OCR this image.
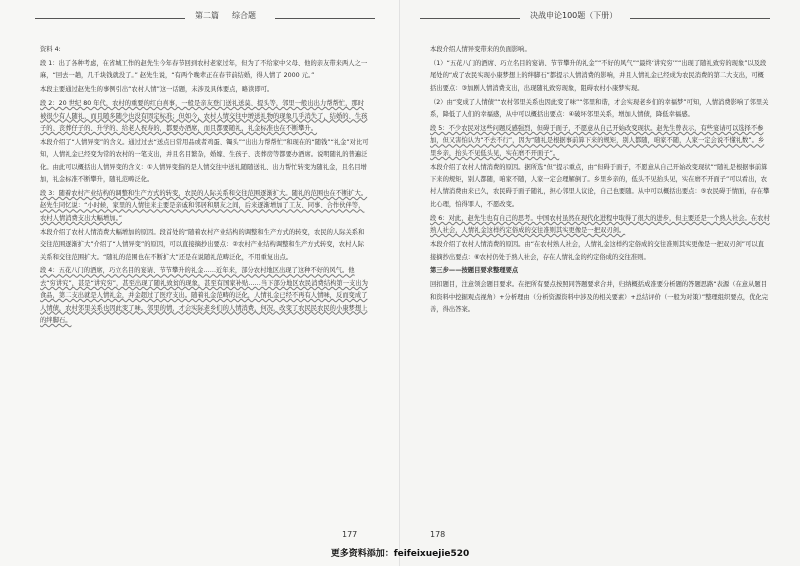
第二篇 综合题

资料 4:

段 1：出了各种考虑，在省城工作的赵先生今年春节回到农村老家过年，但为了不给家中父母、他的亲友带来两人之一麻，“回去一趟，几千块钱就没了。” 赵先生说，“有两个晚辈正在春节前结婚，得人情了 2000 元。”

本段主要通过赵先生的事例引出“农村人情”这一话题，未涉及具体要点，略读即可。

段 2：20 世纪 80 年代，农村的重要的红白喜事，一般是亲友登门送礼送莫、提头等，邻里一般出出力帮帮忙，那时被很少有人随礼，而且随多随少也没有固定标准；但如今，农村人情交往中增送礼物的现象几乎消失了，结婚的、生孩子的、丧葬仔子的、升学的、给老人祝寿的，都要办酒席，而且都要随礼，礼金标准也在不断攀升。

本段介绍了“人情异变”的含义。通过过去“送点日常用品或者鸡蛋、镯头”“出出力帮帮忙”和现在的“随钱”“礼金”对比可知，人情礼金已经变为常的农村的一笔支出，并且名目繁杂，婚嫁、生孩子、丧葬房等都要办酒席。说明随礼的普遍泛化。由此可以概括出人情异变的含义：①人情异变指的是人情交往中送礼随随送礼、出力帮忙转变为随礼金，且名目增加，礼金标准不断攀升，随礼范畴泛化。

段 3：随着农村产业结构的调整和生产方式的转变，农民的人际关系和交往范围逐渐扩大。随礼的范围也在不断扩大。赵先生同忆说：“小时候，家里的人情往来主要是亲戚和邻居和朋友之间，后来逐渐增加了工友、同事、合作伙伴等，农村人情消费支出大幅增加。”

本段介绍了农村人情消费大幅增加的原因。段首处的“随着农村产业结构的调整和生产方式的转变，农民的人际关系和交往范围逐渐扩大”介绍了“人情异变”的原因，可以直接摘抄出要点：②农村产业结构调整和生产方式转变，农村人际关系和交往范围扩大。“随礼的范围也在不断扩大”还是在说随礼范畴泛化，不用重复出点。

段 4：五花八门的酒席，巧立名目的宴请、节节攀升的礼金……近年来，部分农村地区出现了这种不好的风气。他去“穷讲究”，甚是“讲究穷”，甚至出现了随礼致贫的现象，甚至有国家补贴……当下部分地区农民消费结构第一支出为食品，第二支出就是人情礼金，并金超过了医疗支出。随着礼金范畴的泛化，人情礼金已经不再有人情味，反而变成了人情债，农村邻里关系也因此变了味。邻里的情，才会实际老乡们的人情消费，何况，改变了农民民农民的小康梦想上的绊脚石。

177
决战申论100题（下册）

本段介绍人情异变带来的负面影响。

（1）“五花八门的酒席、巧立名目的宴请、节节攀升的礼金”“不好的风气”“最终‘讲究穷’”“出现了随礼致穷的现象”以及段尾处的“成了农民实现小康梦想上的绊脚石”都提示人情消费的影响，并且人情礼金已经成为农民消费的第二大支出，可概括出要点：③加剧人情消费支出，出现随礼致穷现象，阻碍农村小康梦实现。

（2）由“变成了人情债”“农村邻里关系也因此变了味”“邻里和谐，才会实现老乡们的幸福梦”可知，人情消费影响了邻里关系，降低了人们的幸福感，从中可以概括出要点：④破坏邻里关系，增加人情债，降低幸福感。

段 5：不少农民对这些问题反感强烈，但碍于面子，不愿意从自己开始改变现状。赵先生曾表示，有些宴请可以选择不参加，但又害怕认为“不去不行”，因为“随礼是根据事前算下来的规矩，别人都随，咱家不随，人家一定会说不懂礼数”。乡里乡亲，抬头不见低头见，实在磨不开面子”。

本段介绍了农村人情消费的原因。据所选“但”提示重点，由“但碍于面子，不愿意从自己开始改变现状”“随礼是根据事前算下来的规矩，别人都随，咱家不随，人家一定会理解倒了。乡里乡亲的，低头不见抬头见，实在磨不开面子”可以看出，农村人情消费由来已久，农民碍于面子随礼，担心邻里人议论，自己也要随。从中可以概括出要点：⑤农民碍于情面，存在攀比心理，怕得罪人，不愿改变。

段 6：对此，赵先生也有自己的思考。中国农村虽然在现代化进程中取得了很大的进步，但主要还是一个熟人社会。在农村熟人社会，人情礼金这样约定俗成的交往准则其实更像是一把双刃剑。

本段介绍了农村人情消费的原因。由“在农村熟人社会，人情礼金这样约定俗成的交往准则其实更像是一把双刃剑”可以直接摘抄出要点：⑥农村仍处于熟人社会，存在人情礼金的约定俗成的交往准则。

第三步——按题目要求整理要点

回扣题目，注意领会题目要求。在把所有要点按照同答题要求合并，归纳概括成准要分析题的答题思路“表源（在意从题目和资料中挖掘观点视角）+分析理由（分析资源资料中涉及的相关要素）+总结评价（一般为对策）”整理组织要点，优化完善，得出答案。

178
更多资料添加：feifeixuejie520
